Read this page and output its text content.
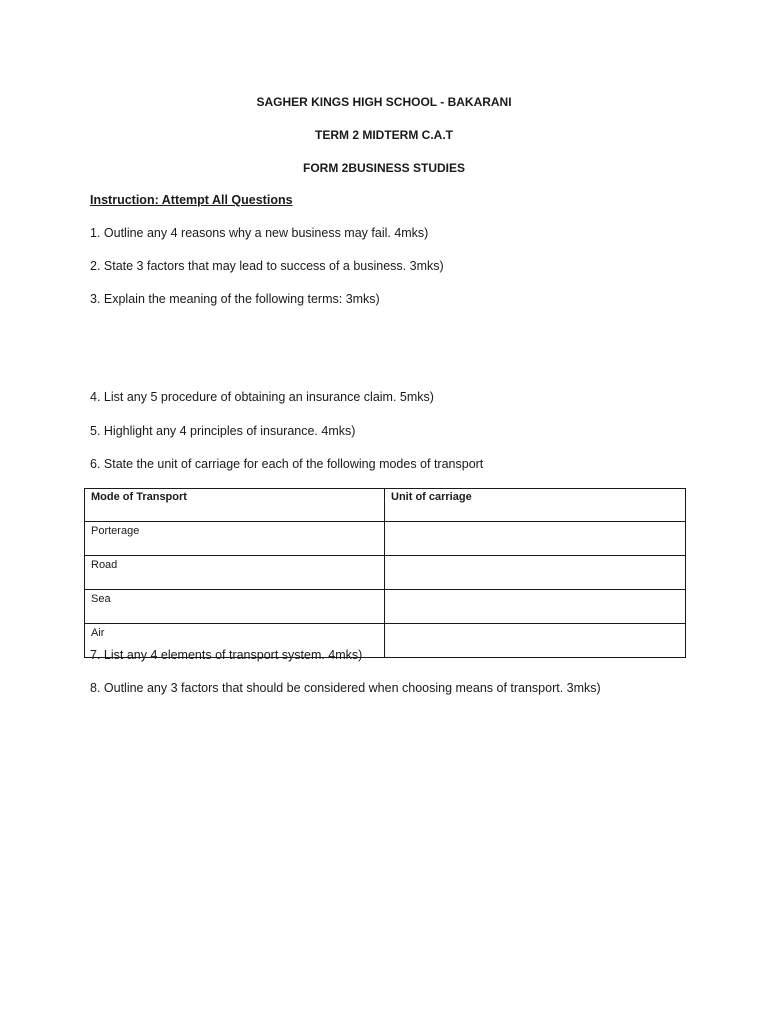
SAGHER KINGS HIGH SCHOOL - BAKARANI
TERM 2 MIDTERM C.A.T
FORM 2BUSINESS STUDIES
Instruction: Attempt All Questions
1. Outline any 4 reasons why a new business may fail. 4mks)
2. State 3 factors that may lead to success of a business. 3mks)
3. Explain the meaning of the following terms: 3mks)
4. List any 5 procedure of obtaining an insurance claim. 5mks)
5. Highlight any 4 principles of insurance. 4mks)
6. State the unit of carriage for each of the following modes of transport
Mode of Transport	Unit of carriage
Porterage	
Road	
Sea	
Air	
7. List any 4 elements of transport system. 4mks)
8. Outline any 3 factors that should be considered when choosing means of transport. 3mks)
